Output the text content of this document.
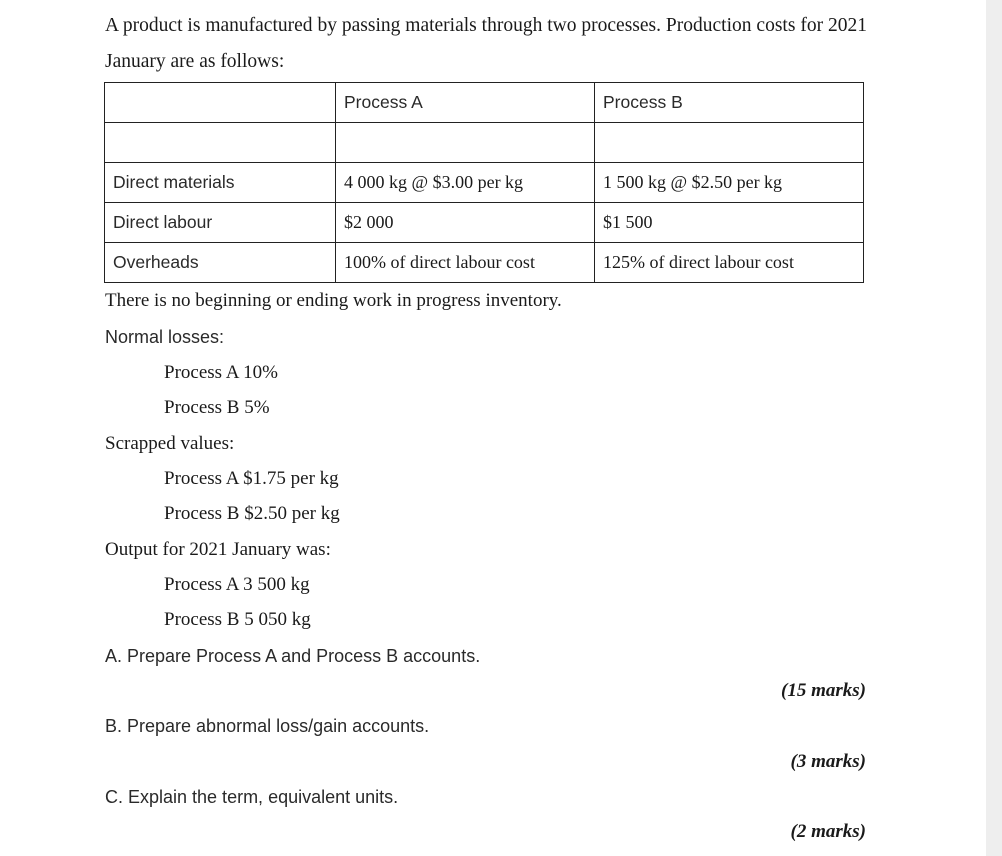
A product is manufactured by passing materials through two processes. Production costs for 2021 January are as follows:
	Process A	Process B

Direct materials	4 000 kg @ $3.00 per kg	1 500 kg @ $2.50 per kg
Direct labour	$2 000	$1 500
Overheads	100% of direct labour cost	125% of direct labour cost
There is no beginning or ending work in progress inventory.
Normal losses:
Process A 10%
Process B 5%
Scrapped values:
Process A $1.75 per kg
Process B $2.50 per kg
Output for 2021 January was:
Process A 3 500 kg
Process B 5 050 kg
A. Prepare Process A and Process B accounts.
(15 marks)
B. Prepare abnormal loss/gain accounts.
(3 marks)
C. Explain the term, equivalent units.
(2 marks)
